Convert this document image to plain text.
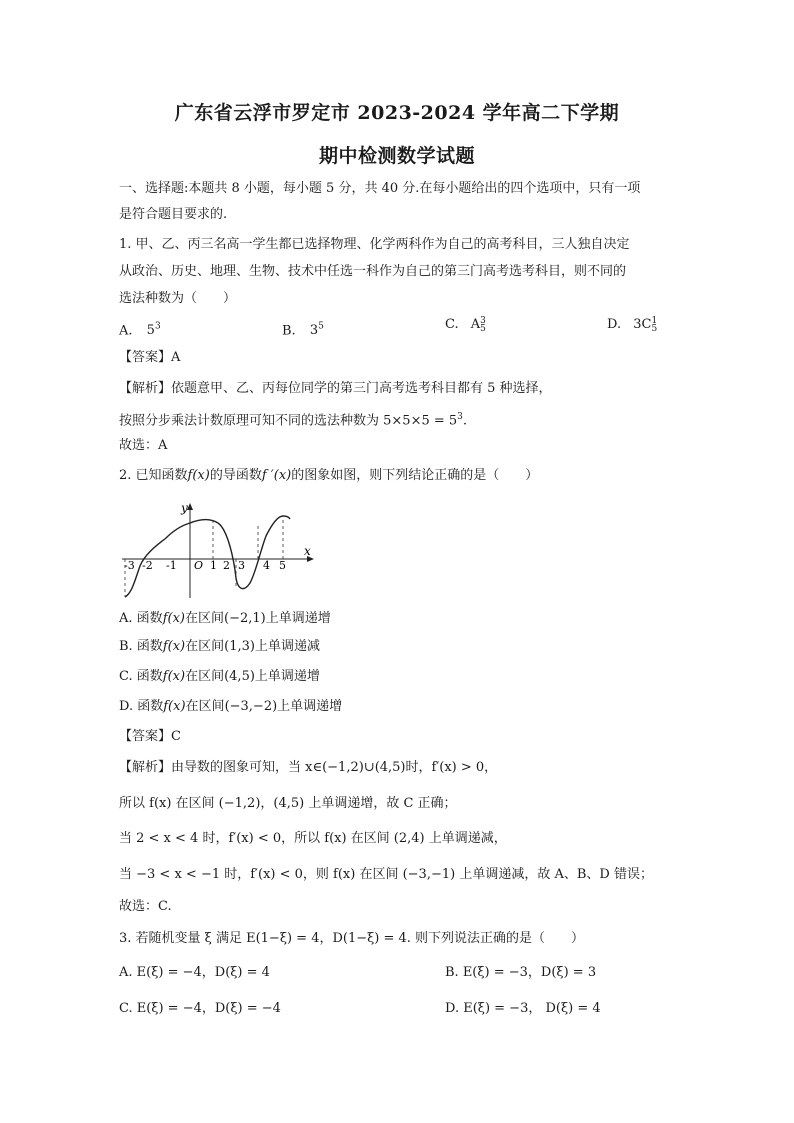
广东省云浮市罗定市 2023-2024 学年高二下学期
期中检测数学试题
一、选择题:本题共 8 小题，每小题 5 分，共 40 分.在每小题给出的四个选项中，只有一项
是符合题目要求的.
1. 甲、乙、丙三名高一学生都已选择物理、化学两科作为自己的高考科目，三人独自决定
从政治、历史、地理、生物、技术中任选一科作为自己的第三门高考选考科目，则不同的
选法种数为（　　）
A. $5^3$	B. $3^5$	C. A3
5	D. 3C1
5
【答案】A
【解析】依题意甲、乙、丙每位同学的第三门高考选考科目都有 5 种选择，
按照分步乘法计数原理可知不同的选法种数为 $5\times 5\times 5 = 5^3$.
故选：A
2. 已知函数f(x)的导函数f ′(x)的图象如图，则下列结论正确的是（　　）
y
x
O
-3 -2 -1	1 2 3 4 5
A. 函数f(x)在区间(−2,1)上单调递增
B. 函数f(x)在区间(1,3)上单调递减
C. 函数f(x)在区间(4,5)上单调递增
D. 函数f(x)在区间(−3,−2)上单调递增
【答案】C
【解析】由导数的图象可知，当 x∈(−1,2)∪(4,5)时，f′(x) > 0，
所以 f(x) 在区间 (−1,2)，(4,5) 上单调递增，故 C 正确；
当 2 < x < 4 时，f′(x) < 0，所以 f(x) 在区间 (2,4) 上单调递减，
当 −3 < x < −1 时，f′(x) < 0，则 f(x) 在区间 (−3,−1) 上单调递减，故 A、B、D 错误；
故选：C.
3. 若随机变量 ξ 满足 E(1−ξ) = 4，D(1−ξ) = 4. 则下列说法正确的是（　　）
A. E(ξ) = −4，D(ξ) = 4	B. E(ξ) = −3，D(ξ) = 3
C. E(ξ) = −4，D(ξ) = −4	D. E(ξ) = −3， D(ξ) = 4
